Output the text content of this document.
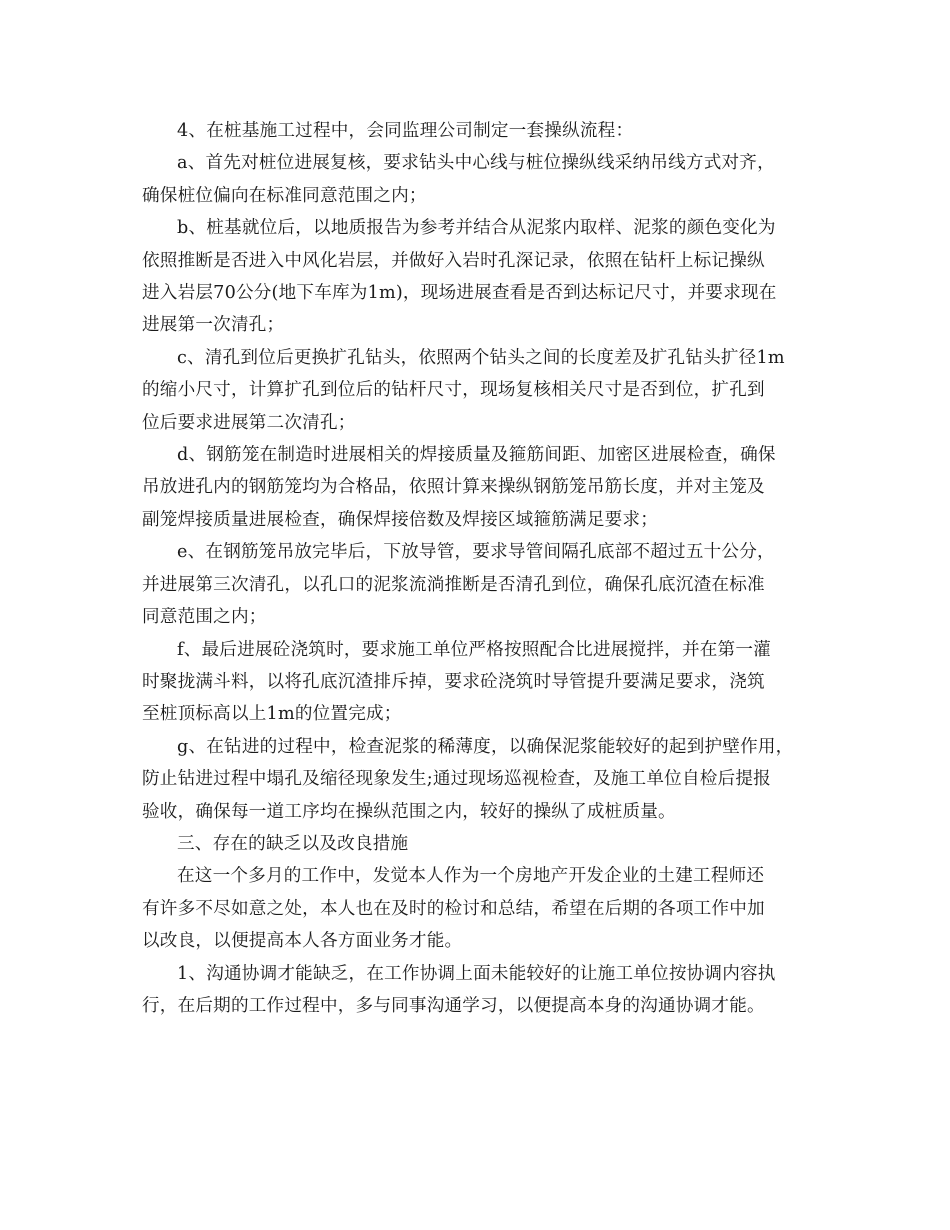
4、在桩基施工过程中，会同监理公司制定一套操纵流程：

a、首先对桩位进展复核，要求钻头中心线与桩位操纵线采纳吊线方式对齐，
确保桩位偏向在标准同意范围之内；

b、桩基就位后，以地质报告为参考并结合从泥浆内取样、泥浆的颜色变化为
依照推断是否进入中风化岩层，并做好入岩时孔深记录，依照在钻杆上标记操纵
进入岩层70公分(地下车库为1m)，现场进展查看是否到达标记尺寸，并要求现在
进展第一次清孔；

c、清孔到位后更换扩孔钻头，依照两个钻头之间的长度差及扩孔钻头扩径1m
的缩小尺寸，计算扩孔到位后的钻杆尺寸，现场复核相关尺寸是否到位，扩孔到
位后要求进展第二次清孔；

d、钢筋笼在制造时进展相关的焊接质量及箍筋间距、加密区进展检查，确保
吊放进孔内的钢筋笼均为合格品，依照计算来操纵钢筋笼吊筋长度，并对主笼及
副笼焊接质量进展检查，确保焊接倍数及焊接区域箍筋满足要求；

e、在钢筋笼吊放完毕后，下放导管，要求导管间隔孔底部不超过五十公分，
并进展第三次清孔，以孔口的泥浆流淌推断是否清孔到位，确保孔底沉渣在标准
同意范围之内；

f、最后进展砼浇筑时，要求施工单位严格按照配合比进展搅拌，并在第一灌
时聚拢满斗料，以将孔底沉渣排斥掉，要求砼浇筑时导管提升要满足要求，浇筑
至桩顶标高以上1m的位置完成；

g、在钻进的过程中，检查泥浆的稀薄度，以确保泥浆能较好的起到护壁作用，
防止钻进过程中塌孔及缩径现象发生;通过现场巡视检查，及施工单位自检后提报
验收，确保每一道工序均在操纵范围之内，较好的操纵了成桩质量。

三、存在的缺乏以及改良措施

在这一个多月的工作中，发觉本人作为一个房地产开发企业的土建工程师还
有许多不尽如意之处，本人也在及时的检讨和总结，希望在后期的各项工作中加
以改良，以便提高本人各方面业务才能。

1、沟通协调才能缺乏，在工作协调上面未能较好的让施工单位按协调内容执
行，在后期的工作过程中，多与同事沟通学习，以便提高本身的沟通协调才能。
